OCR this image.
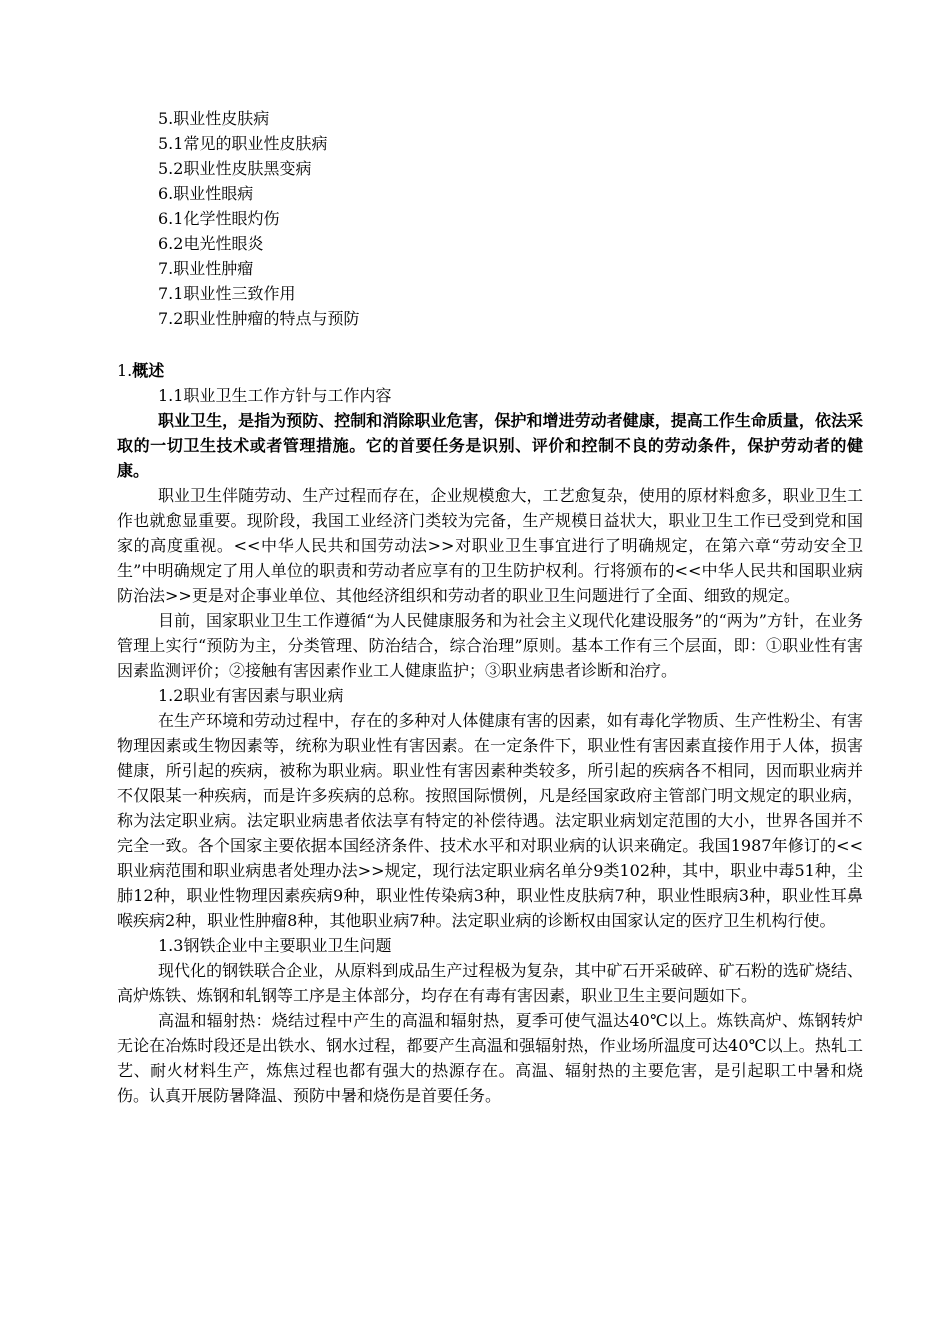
5.职业性皮肤病
5.1常见的职业性皮肤病
5.2职业性皮肤黑变病
6.职业性眼病
6.1化学性眼灼伤
6.2电光性眼炎
7.职业性肿瘤
7.1职业性三致作用
7.2职业性肿瘤的特点与预防
1.概述
1.1职业卫生工作方针与工作内容

职业卫生，是指为预防、控制和消除职业危害，保护和增进劳动者健康，提高工作生命质量，依法采取的一切卫生技术或者管理措施。它的首要任务是识别、评价和控制不良的劳动条件，保护劳动者的健康。

职业卫生伴随劳动、生产过程而存在，企业规模愈大，工艺愈复杂，使用的原材料愈多，职业卫生工作也就愈显重要。现阶段，我国工业经济门类较为完备，生产规模日益状大，职业卫生工作已受到党和国家的高度重视。<<中华人民共和国劳动法>>对职业卫生事宜进行了明确规定，在第六章“劳动安全卫生”中明确规定了用人单位的职责和劳动者应享有的卫生防护权利。行将颁布的<<中华人民共和国职业病防治法>>更是对企事业单位、其他经济组织和劳动者的职业卫生问题进行了全面、细致的规定。

目前，国家职业卫生工作遵循“为人民健康服务和为社会主义现代化建设服务”的“两为”方针，在业务管理上实行“预防为主，分类管理、防治结合，综合治理”原则。基本工作有三个层面，即：①职业性有害因素监测评价；②接触有害因素作业工人健康监护；③职业病患者诊断和治疗。

1.2职业有害因素与职业病

在生产环境和劳动过程中，存在的多种对人体健康有害的因素，如有毒化学物质、生产性粉尘、有害物理因素或生物因素等，统称为职业性有害因素。在一定条件下，职业性有害因素直接作用于人体，损害健康，所引起的疾病，被称为职业病。职业性有害因素种类较多，所引起的疾病各不相同，因而职业病并不仅限某一种疾病，而是许多疾病的总称。按照国际惯例，凡是经国家政府主管部门明文规定的职业病，称为法定职业病。法定职业病患者依法享有特定的补偿待遇。法定职业病划定范围的大小，世界各国并不完全一致。各个国家主要依据本国经济条件、技术水平和对职业病的认识来确定。我国1987年修订的<<职业病范围和职业病患者处理办法>>规定，现行法定职业病名单分9类102种，其中，职业中毒51种，尘肺12种，职业性物理因素疾病9种，职业性传染病3种，职业性皮肤病7种，职业性眼病3种，职业性耳鼻喉疾病2种，职业性肿瘤8种，其他职业病7种。法定职业病的诊断权由国家认定的医疗卫生机构行使。

1.3钢铁企业中主要职业卫生问题

现代化的钢铁联合企业，从原料到成品生产过程极为复杂，其中矿石开采破碎、矿石粉的选矿烧结、高炉炼铁、炼钢和轧钢等工序是主体部分，均存在有毒有害因素，职业卫生主要问题如下。

高温和辐射热：烧结过程中产生的高温和辐射热，夏季可使气温达40℃以上。炼铁高炉、炼钢转炉无论在冶炼时段还是出铁水、钢水过程，都要产生高温和强辐射热，作业场所温度可达40℃以上。热轧工艺、耐火材料生产，炼焦过程也都有强大的热源存在。高温、辐射热的主要危害，是引起职工中暑和烧伤。认真开展防暑降温、预防中暑和烧伤是首要任务。
